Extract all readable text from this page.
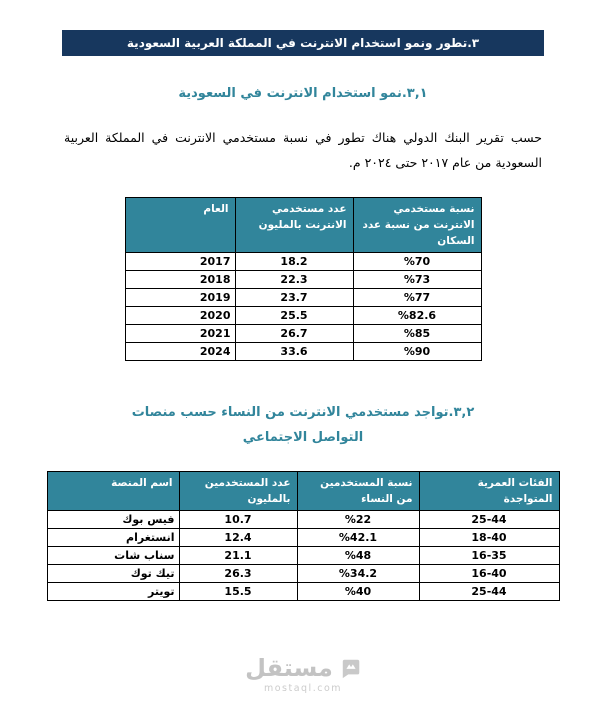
٣.تطور ونمو استخدام الانترنت في المملكة العربية السعودية
٣,١.نمو استخدام الانترنت في السعودية

حسب تقرير البنك الدولي هناك تطور في نسبة مستخدمي الانترنت في المملكة العربية السعودية من عام ٢٠١٧ حتى ٢٠٢٤ م.

نسبة مستخدمي الانترنت من نسبة عدد السكان	عدد مستخدمي الانترنت بالمليون	العام
%70	18.2	2017
%73	22.3	2018
%77	23.7	2019
%82.6	25.5	2020
%85	26.7	2021
%90	33.6	2024
٣,٢.تواجد مستخدمي الانترنت من النساء حسب منصات
التواصل الاجتماعي
الفئات العمرية المتواجدة	نسبة المستخدمين من النساء	عدد المستخدمين بالمليون	اسم المنصة
25-44	%22	10.7	فيس بوك
18-40	%42.1	12.4	انستغرام
16-35	%48	21.1	سناب شات
16-40	%34.2	26.3	تيك توك
25-44	%40	15.5	تويتر
مستقل
mostaql.com
